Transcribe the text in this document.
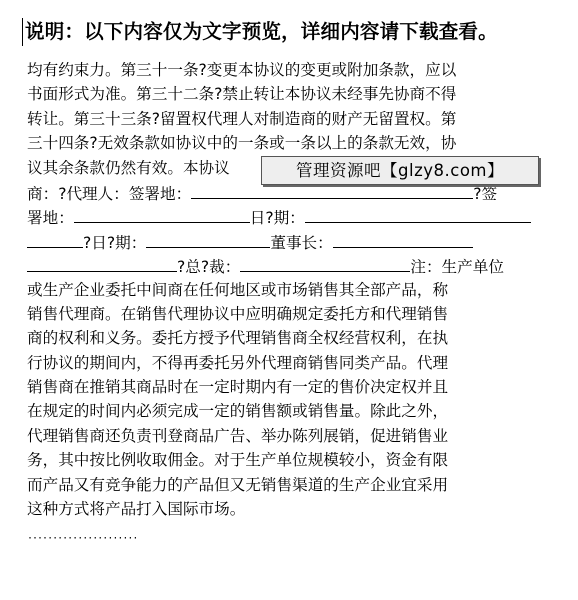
说明：以下内容仅为文字预览，详细内容请下载查看。
均有约束力。第三十一条?变更本协议的变更或附加条款，应以
书面形式为准。第三十二条?禁止转让本协议未经事先协商不得
转让。第三十三条?留置权代理人对制造商的财产无留置权。第
三十四条?无效条款如协议中的一条或一条以上的条款无效，协
议其余条款仍然有效。本协议
商：?代理人：签署地：	?签
署地：	日?期：
?日?期：	董事长：
?总?裁：	注：生产单位
或生产企业委托中间商在任何地区或市场销售其全部产品，称
销售代理商。在销售代理协议中应明确规定委托方和代理销售
商的权利和义务。委托方授予代理销售商全权经营权利，在执
行协议的期间内，不得再委托另外代理商销售同类产品。代理
销售商在推销其商品时在一定时期内有一定的售价决定权并且
在规定的时间内必须完成一定的销售额或销售量。除此之外，
代理销售商还负责刊登商品广告、举办陈列展销，促进销售业
务，其中按比例收取佣金。对于生产单位规模较小，资金有限
而产品又有竞争能力的产品但又无销售渠道的生产企业宜采用
这种方式将产品打入国际市场。
管理资源吧【glzy8.com】
······················
